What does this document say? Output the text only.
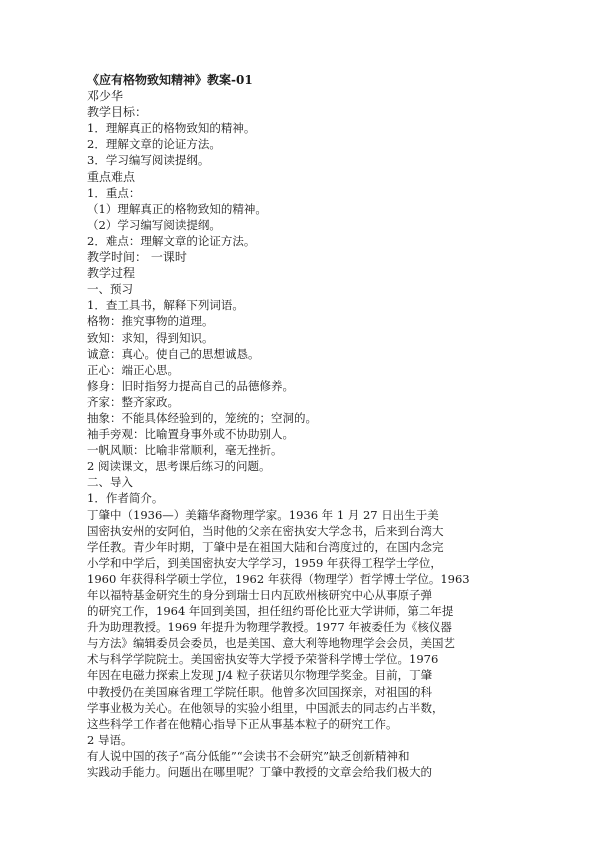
《应有格物致知精神》教案-01
邓少华
教学目标：
1．理解真正的格物致知的精神。
2．理解文章的论证方法。
3．学习编写阅读提纲。
重点难点
1．重点：
（1）理解真正的格物致知的精神。
（2）学习编写阅读提纲。
2．难点：理解文章的论证方法。
教学时间： 一课时
教学过程
一、预习
1．查工具书，解释下列词语。
格物：推究事物的道理。
致知：求知，得到知识。
诚意：真心。使自己的思想诚恳。
正心：端正心思。
修身：旧时指努力提高自己的品德修养。
齐家：整齐家政。
抽象：不能具体经验到的，笼统的；空洞的。
袖手旁观：比喻置身事外或不协助别人。
一帆风顺：比喻非常顺利，毫无挫折。
2 阅读课文，思考课后练习的问题。
二、导入
1．作者简介。
丁肇中（1936—）美籍华裔物理学家。1936 年 1 月 27 日出生于美
国密执安州的安阿伯，当时他的父亲在密执安大学念书，后来到台湾大
学任教。青少年时期，丁肇中是在祖国大陆和台湾度过的，在国内念完
小学和中学后，到美国密执安大学学习，1959 年获得工程学士学位，
1960 年获得科学硕士学位，1962 年获得（物理学）哲学博士学位。1963
年以福特基金研究生的身分到瑞士日内瓦欧州核研究中心从事原子弹
的研究工作，1964 年回到美国，担任纽约哥伦比亚大学讲师，第二年提
升为助理教授。1969 年提升为物理学教授。1977 年被委任为《核仪器
与方法》编辑委员会委员，也是美国、意大利等地物理学会会员，美国艺
术与科学学院院士。美国密执安等大学授予荣誉科学博士学位。1976
年因在电磁力探索上发现 J/4 粒子获诺贝尔物理学奖金。目前，丁肇
中教授仍在美国麻省理工学院任职。他曾多次回国探亲，对祖国的科
学事业极为关心。在他领导的实验小组里，中国派去的同志约占半数，
这些科学工作者在他精心指导下正从事基本粒子的研究工作。
2 导语。
有人说中国的孩子“高分低能”“会读书不会研究”缺乏创新精神和
实践动手能力。问题出在哪里呢？丁肇中教授的文章会给我们极大的
